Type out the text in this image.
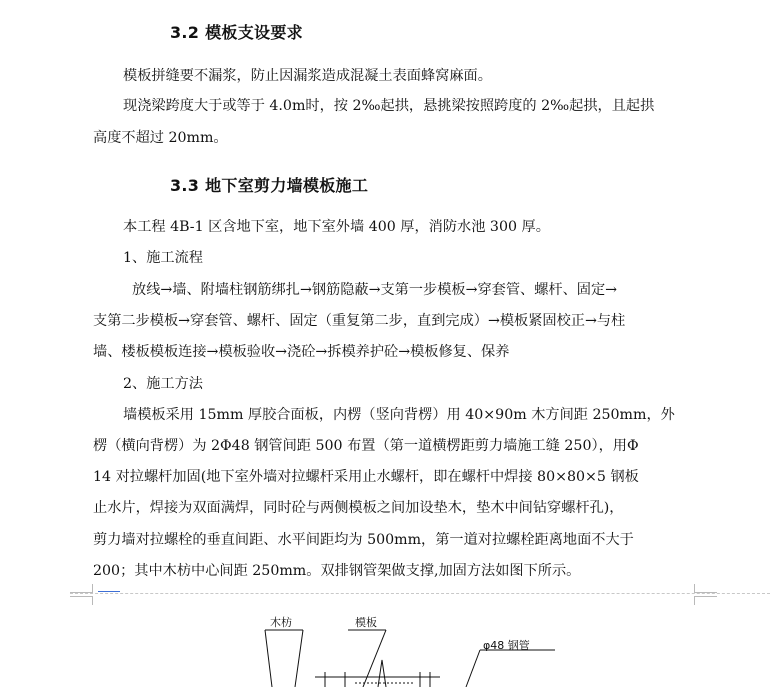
3.2 模板支设要求
模板拼缝要不漏浆，防止因漏浆造成混凝土表面蜂窝麻面。
现浇梁跨度大于或等于 4.0m时，按 2‰起拱，悬挑梁按照跨度的 2‰起拱，且起拱
高度不超过 20mm。
3.3 地下室剪力墙模板施工
本工程 4B-1 区含地下室，地下室外墙 400 厚，消防水池 300 厚。
1、施工流程
放线→墙、附墙柱钢筋绑扎→钢筋隐蔽→支第一步模板→穿套管、螺杆、固定→
支第二步模板→穿套管、螺杆、固定（重复第二步，直到完成）→模板紧固校正→与柱
墙、楼板模板连接→模板验收→浇砼→拆模养护砼→模板修复、保养
2、施工方法
墙模板采用 15mm 厚胶合面板，内楞（竖向背楞）用 40×90m 木方间距 250mm，外
楞（横向背楞）为 2Φ48 钢管间距 500 布置（第一道横楞距剪力墙施工缝 250），用Φ
14 对拉螺杆加固(地下室外墙对拉螺杆采用止水螺杆，即在螺杆中焊接 80×80×5 钢板
止水片，焊接为双面满焊，同时砼与两侧模板之间加设垫木，垫木中间钻穿螺杆孔)，
剪力墙对拉螺栓的垂直间距、水平间距均为 500mm，第一道对拉螺栓距离地面不大于
200；其中木枋中心间距 250mm。双排钢管架做支撑,加固方法如图下所示。
木枋	模板
φ48 钢管
